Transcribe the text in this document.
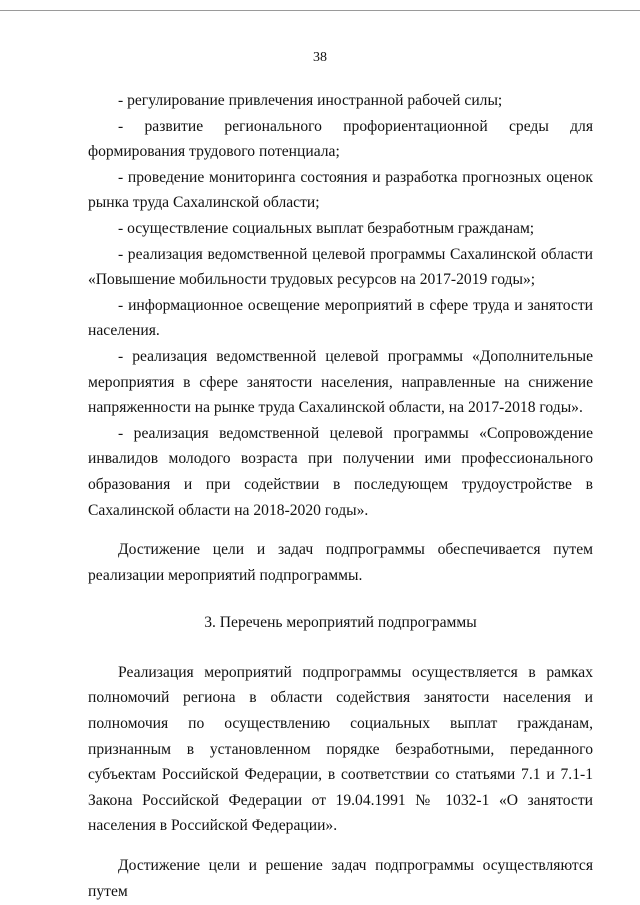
38

- регулирование привлечения иностранной рабочей силы;

- развитие регионального профориентационной среды для формирования трудового потенциала;

- проведение мониторинга состояния и разработка прогнозных оценок рынка труда Сахалинской области;

- осуществление социальных выплат безработным гражданам;

- реализация ведомственной целевой программы Сахалинской области «Повышение мобильности трудовых ресурсов на 2017-2019 годы»;

- информационное освещение мероприятий в сфере труда и занятости населения.

- реализация ведомственной целевой программы «Дополнительные мероприятия в сфере занятости населения, направленные на снижение напряженности на рынке труда Сахалинской области, на 2017-2018 годы».

- реализация ведомственной целевой программы «Сопровождение инвалидов молодого возраста при получении ими профессионального образования и при содействии в последующем трудоустройстве в Сахалинской области на 2018-2020 годы».

Достижение цели и задач подпрограммы обеспечивается путем реализации мероприятий подпрограммы.

3. Перечень мероприятий подпрограммы

Реализация мероприятий подпрограммы осуществляется в рамках полномочий региона в области содействия занятости населения и полномочия по осуществлению социальных выплат гражданам, признанным в установленном порядке безработными, переданного субъектам Российской Федерации, в соответствии со статьями 7.1 и 7.1-1 Закона Российской Федерации от 19.04.1991 № 1032-1 «О занятости населения в Российской Федерации».

Достижение цели и решение задач подпрограммы осуществляются путем
